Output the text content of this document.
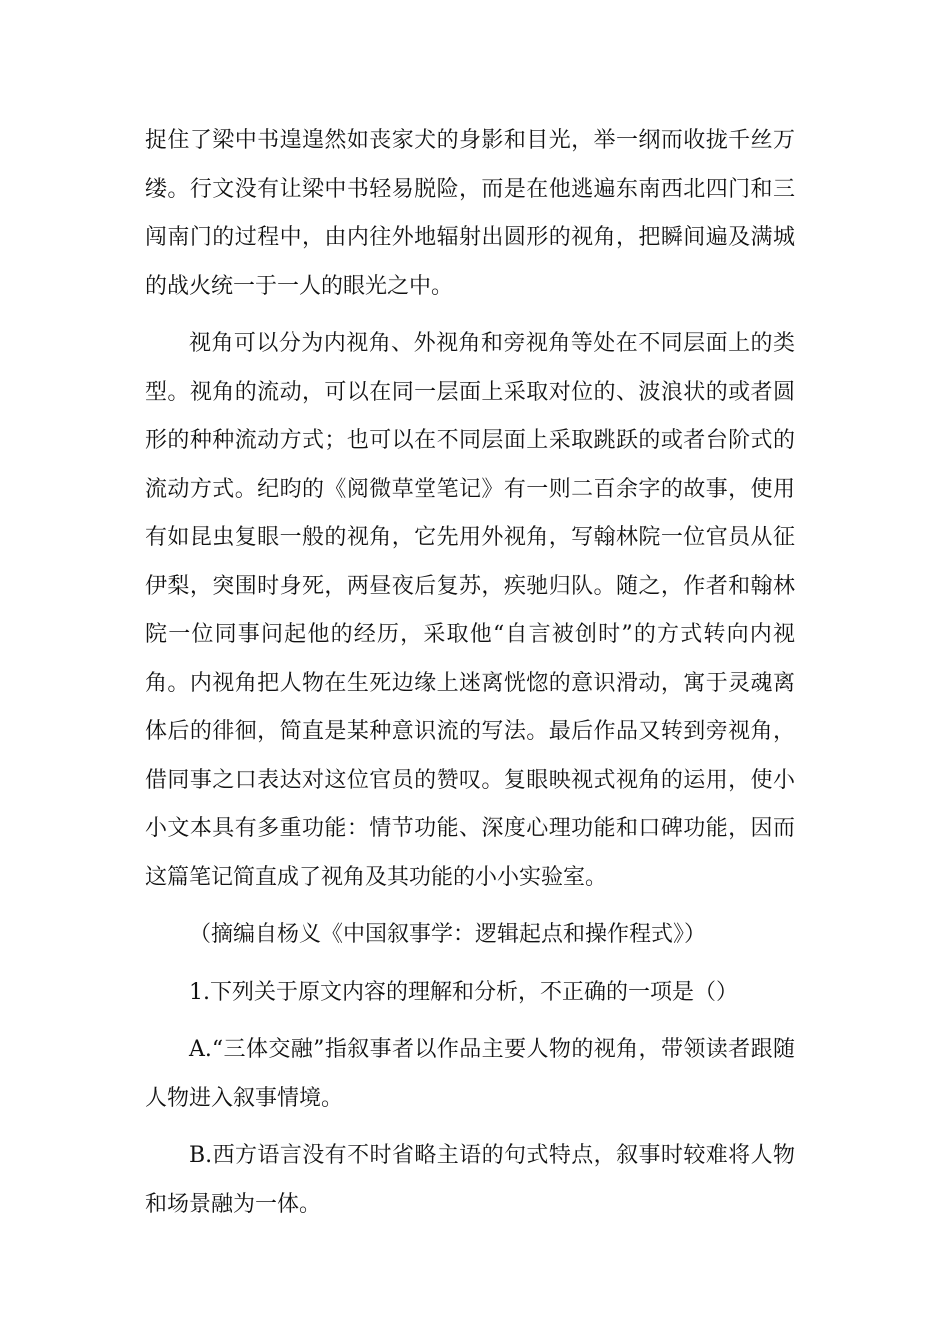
捉住了梁中书遑遑然如丧家犬的身影和目光，举一纲而收拢千丝万缕。行文没有让梁中书轻易脱险，而是在他逃遍东南西北四门和三闯南门的过程中，由内往外地辐射出圆形的视角，把瞬间遍及满城的战火统一于一人的眼光之中。

视角可以分为内视角、外视角和旁视角等处在不同层面上的类型。视角的流动，可以在同一层面上采取对位的、波浪状的或者圆形的种种流动方式；也可以在不同层面上采取跳跃的或者台阶式的流动方式。纪昀的《阅微草堂笔记》有一则二百余字的故事，使用有如昆虫复眼一般的视角，它先用外视角，写翰林院一位官员从征伊梨，突围时身死，两昼夜后复苏，疾驰归队。随之，作者和翰林院一位同事问起他的经历，采取他“自言被创时”的方式转向内视角。内视角把人物在生死边缘上迷离恍惚的意识滑动，寓于灵魂离体后的徘徊，简直是某种意识流的写法。最后作品又转到旁视角，借同事之口表达对这位官员的赞叹。复眼映视式视角的运用，使小小文本具有多重功能：情节功能、深度心理功能和口碑功能，因而这篇笔记简直成了视角及其功能的小小实验室。

（摘编自杨义《中国叙事学：逻辑起点和操作程式》）

1.下列关于原文内容的理解和分析，不正确的一项是（）

A.“三体交融”指叙事者以作品主要人物的视角，带领读者跟随人物进入叙事情境。

B.西方语言没有不时省略主语的句式特点，叙事时较难将人物和场景融为一体。
